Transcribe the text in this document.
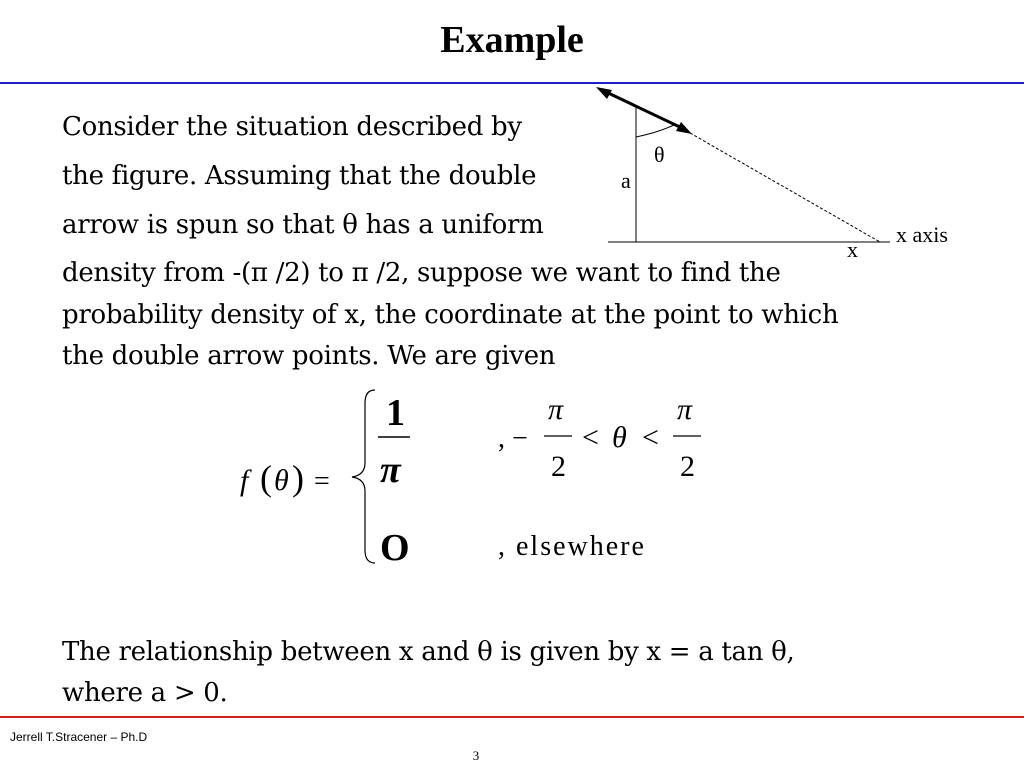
Example
Consider the situation described by
the figure. Assuming that the double
arrow is spun so that θ has a uniform
density from -(π /2) to π /2, suppose we want to find the
probability density of x, the coordinate at the point to which
the double arrow points. We are given
θ
a
x
x axis
f ( θ ) =
1
π
, −
π
2
< θ <
π
2
O	, elsewhere
The relationship between x and θ is given by x = a tan θ,
where a > 0.
Jerrell T.Stracener – Ph.D
3
